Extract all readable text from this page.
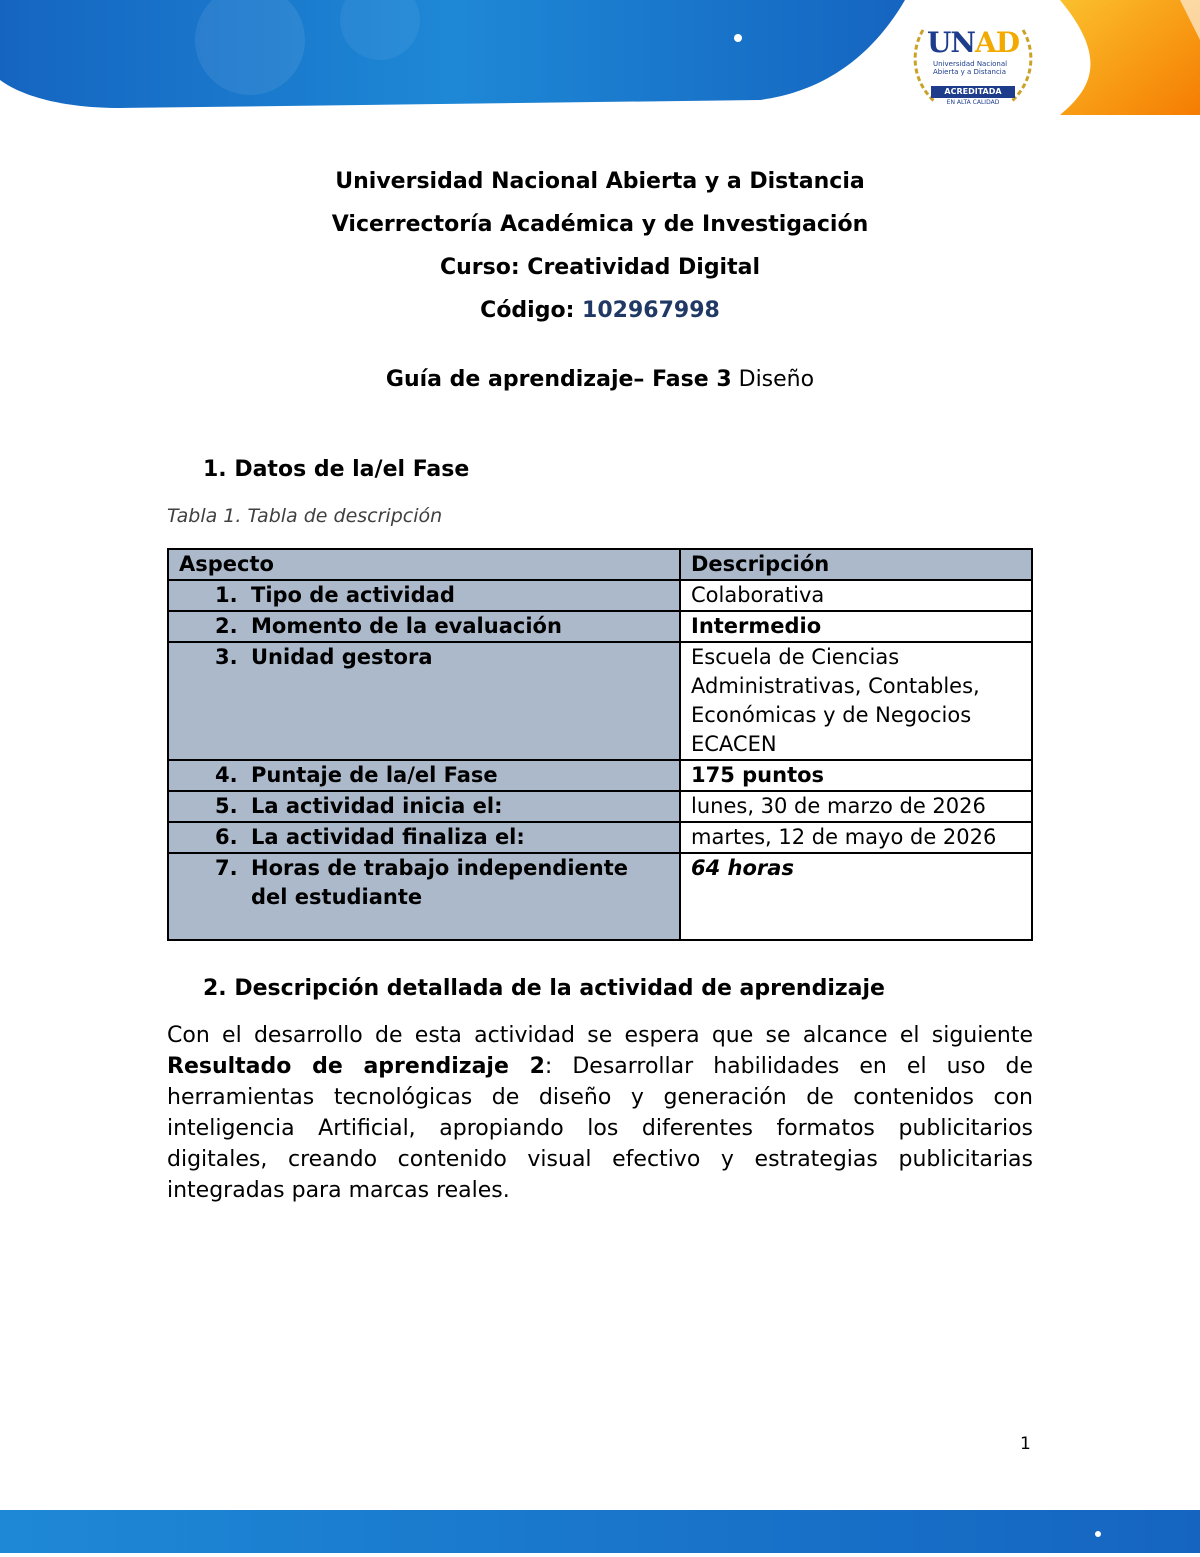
UNAD
Universidad Nacional Abierta y a Distancia
ACREDITADA
EN ALTA CALIDAD

Universidad Nacional Abierta y a Distancia

Vicerrectoría Académica y de Investigación

Curso: Creatividad Digital

Código: 102967998

Guía de aprendizaje– Fase 3 Diseño
1. Datos de la/el Fase
Tabla 1. Tabla de descripción
Aspecto	Descripción
1. Tipo de actividad	Colaborativa
2. Momento de la evaluación	Intermedio
3. Unidad gestora	Escuela de Ciencias Administrativas, Contables, Económicas y de Negocios ECACEN
4. Puntaje de la/el Fase	175 puntos
5. La actividad inicia el:	lunes, 30 de marzo de 2026
6. La actividad finaliza el:	martes, 12 de mayo de 2026

7. Horas de trabajo independiente del estudiante	64 horas
2. Descripción detallada de la actividad de aprendizaje

Con el desarrollo de esta actividad se espera que se alcance el siguiente Resultado de aprendizaje 2: Desarrollar habilidades en el uso de herramientas tecnológicas de diseño y generación de contenidos con inteligencia Artificial, apropiando los diferentes formatos publicitarios digitales, creando contenido visual efectivo y estrategias publicitarias integradas para marcas reales.

1
